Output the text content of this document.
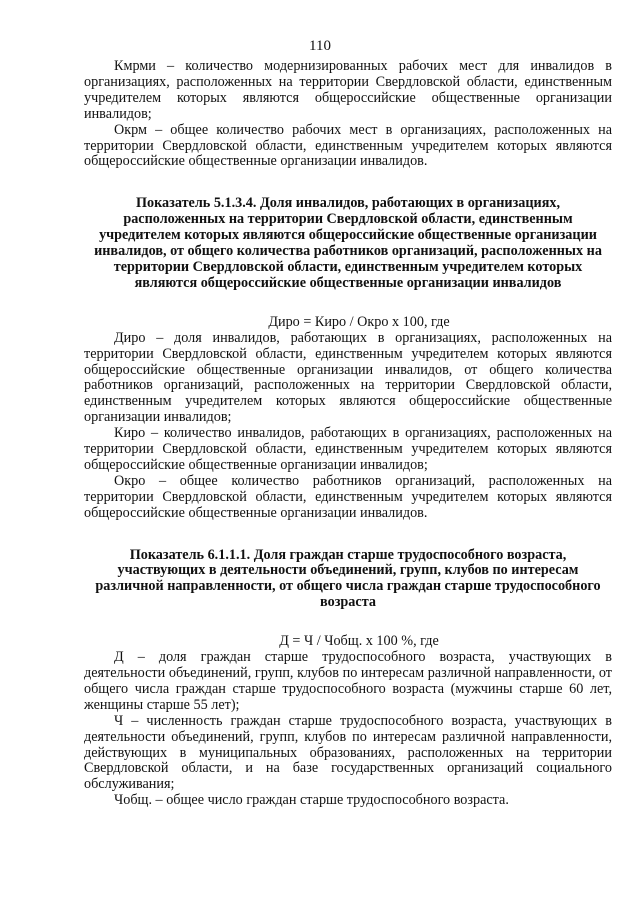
110

Кмрми – количество модернизированных рабочих мест для инвалидов в организациях, расположенных на территории Свердловской области, единственным учредителем которых являются общероссийские общественные организации инвалидов;

Окрм – общее количество рабочих мест в организациях, расположенных на территории Свердловской области, единственным учредителем которых являются общероссийские общественные организации инвалидов.

Показатель 5.1.3.4. Доля инвалидов, работающих в организациях, расположенных на территории Свердловской области, единственным учредителем которых являются общероссийские общественные организации инвалидов, от общего количества работников организаций, расположенных на территории Свердловской области, единственным учредителем которых являются общероссийские общественные организации инвалидов

Диро = Киро / Окро х 100, где

Диро – доля инвалидов, работающих в организациях, расположенных на территории Свердловской области, единственным учредителем которых являются общероссийские общественные организации инвалидов, от общего количества работников организаций, расположенных на территории Свердловской области, единственным учредителем которых являются общероссийские общественные организации инвалидов;

Киро – количество инвалидов, работающих в организациях, расположенных на территории Свердловской области, единственным учредителем которых являются общероссийские общественные организации инвалидов;

Окро – общее количество работников организаций, расположенных на территории Свердловской области, единственным учредителем которых являются общероссийские общественные организации инвалидов.

Показатель 6.1.1.1. Доля граждан старше трудоспособного возраста, участвующих в деятельности объединений, групп, клубов по интересам различной направленности, от общего числа граждан старше трудоспособного возраста

Д = Ч / Чобщ. х 100 %, где

Д – доля граждан старше трудоспособного возраста, участвующих в деятельности объединений, групп, клубов по интересам различной направленности, от общего числа граждан старше трудоспособного возраста (мужчины старше 60 лет, женщины старше 55 лет);

Ч – численность граждан старше трудоспособного возраста, участвующих в деятельности объединений, групп, клубов по интересам различной направленности, действующих в муниципальных образованиях, расположенных на территории Свердловской области, и на базе государственных организаций социального обслуживания;

Чобщ. – общее число граждан старше трудоспособного возраста.
